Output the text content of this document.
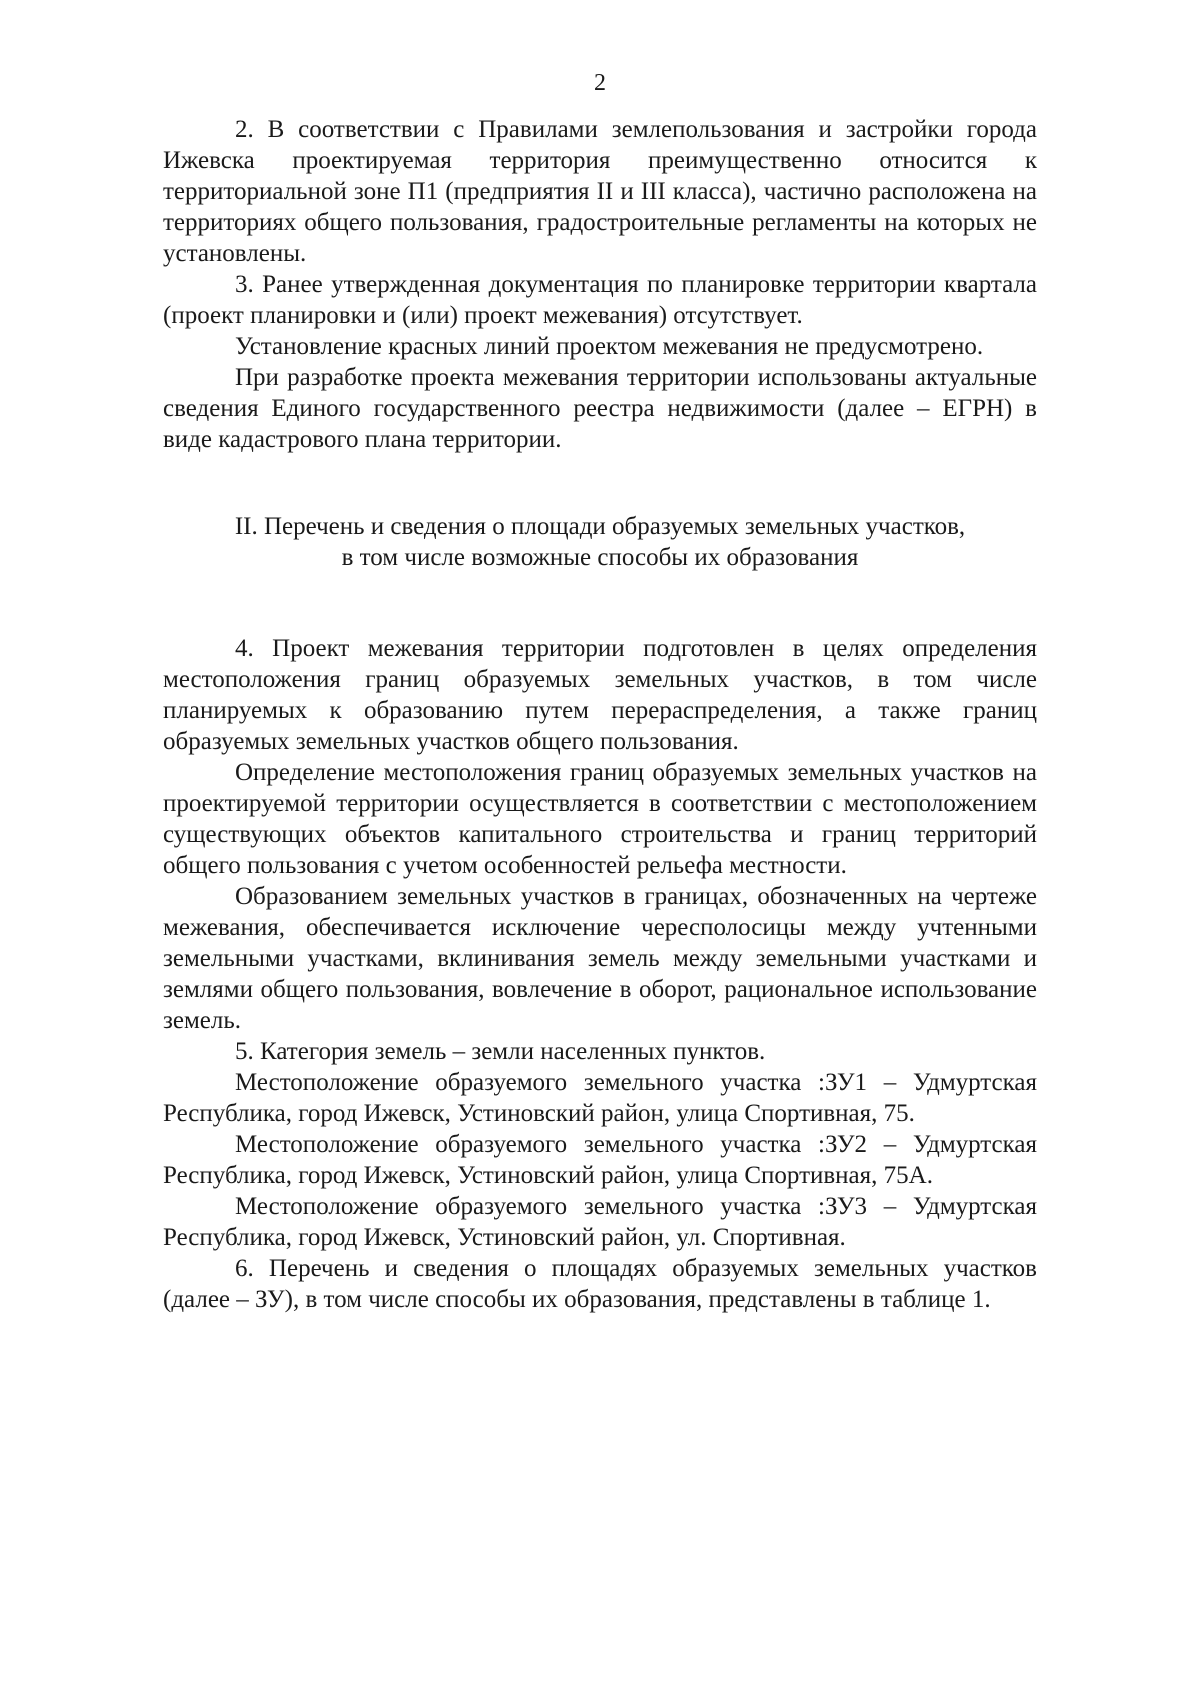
2

2. В соответствии с Правилами землепользования и застройки города Ижевска проектируемая территория преимущественно относится к территориальной зоне П1 (предприятия II и III класса), частично расположена на территориях общего пользования, градостроительные регламенты на которых не установлены.

3. Ранее утвержденная документация по планировке территории квартала (проект планировки и (или) проект межевания) отсутствует.

Установление красных линий проектом межевания не предусмотрено.

При разработке проекта межевания территории использованы актуальные сведения Единого государственного реестра недвижимости (далее – ЕГРН) в виде кадастрового плана территории.

II. Перечень и сведения о площади образуемых земельных участков,
в том числе возможные способы их образования

4. Проект межевания территории подготовлен в целях определения местоположения границ образуемых земельных участков, в том числе планируемых к образованию путем перераспределения, а также границ образуемых земельных участков общего пользования.

Определение местоположения границ образуемых земельных участков на проектируемой территории осуществляется в соответствии с местоположением существующих объектов капитального строительства и границ территорий общего пользования с учетом особенностей рельефа местности.

Образованием земельных участков в границах, обозначенных на чертеже межевания, обеспечивается исключение чересполосицы между учтенными земельными участками, вклинивания земель между земельными участками и землями общего пользования, вовлечение в оборот, рациональное использование земель.

5. Категория земель – земли населенных пунктов.

Местоположение образуемого земельного участка :ЗУ1 – Удмуртская Республика, город Ижевск, Устиновский район, улица Спортивная, 75.

Местоположение образуемого земельного участка :ЗУ2 – Удмуртская Республика, город Ижевск, Устиновский район, улица Спортивная, 75А.

Местоположение образуемого земельного участка :ЗУ3 – Удмуртская Республика, город Ижевск, Устиновский район, ул. Спортивная.

6. Перечень и сведения о площадях образуемых земельных участков (далее – ЗУ), в том числе способы их образования, представлены в таблице 1.
